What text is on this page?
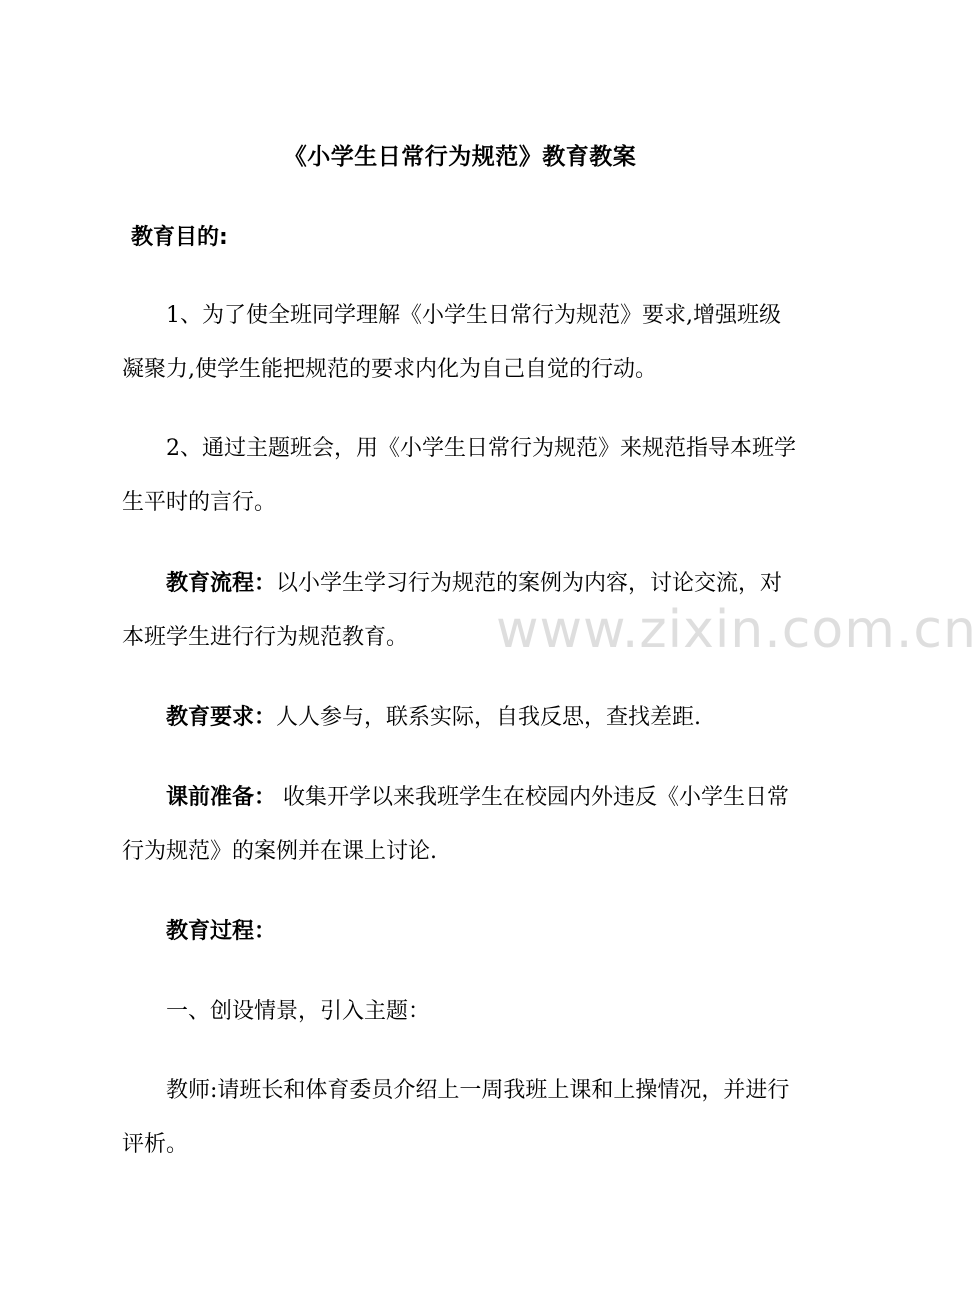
《小学生日常行为规范》教育教案
教育目的:
1、为了使全班同学理解《小学生日常行为规范》要求,增强班级凝聚力,使学生能把规范的要求内化为自己自觉的行动。
2、通过主题班会，用《小学生日常行为规范》来规范指导本班学生平时的言行。
教育流程：以小学生学习行为规范的案例为内容，讨论交流，对本班学生进行行为规范教育。
教育要求：人人参与，联系实际，自我反思，查找差距.
课前准备： 收集开学以来我班学生在校园内外违反《小学生日常行为规范》的案例并在课上讨论.
教育过程：
一、创设情景，引入主题：
教师:请班长和体育委员介绍上一周我班上课和上操情况，并进行评析。
www.zixin.com.cn
